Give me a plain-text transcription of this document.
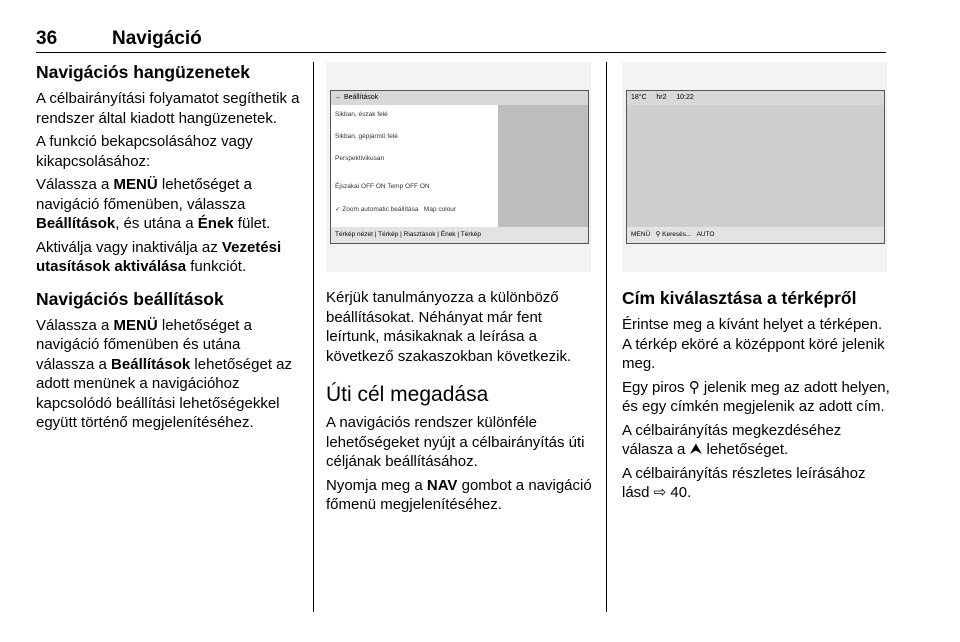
36	Navigáció
Navigációs hangüzenetek

A célbairányítási folyamatot segíthetik a rendszer által kiadott hangüzenetek.

A funkció bekapcsolásához vagy kikapcsolásához:

Válassza a MENÜ lehetőséget a navigáció főmenüben, válassza Beállítások, és utána a Ének fület.

Aktiválja vagy inaktiválja az Vezetési utasítások aktiválása funkciót.

Navigációs beállítások

Válassza a MENÜ lehetőséget a navigáció főmenüben és utána válassza a Beállítások lehetőséget az adott menünek a navigációhoz kapcsolódó beállítási lehetőségekkel együtt történő megjelenítéséhez.

← Beállítások
Sikban, észak felé
Sikban, gépjármű felé
Perspektivikusan
Éjszakai OFF ON Temp OFF ON
✓ Zoom automatic beállítása Map colour
Térkép nézet | Térkép | Riasztások | Ének | Térkép

Kérjük tanulmányozza a különböző beállításokat. Néhányat már fent leírtunk, másikaknak a leírása a következő szakaszokban következik.

Úti cél megadása

A navigációs rendszer különféle lehetőségeket nyújt a célbairányítás úti céljának beállításához.

Nyomja meg a NAV gombot a navigáció főmenü megjelenítéséhez.

18°C hr2 10:22
MENÜ ⚲ Keresés... AUTO
Cím kiválasztása a térképről

Érintse meg a kívánt helyet a térképen. A térkép eköré a középpont köré jelenik meg.

Egy piros ⚲ jelenik meg az adott helyen, és egy címkén megjelenik az adott cím.

A célbairányítás megkezdéséhez válasza a ⮝ lehetőséget.

A célbairányítás részletes leírásához lásd ⇨ 40.
